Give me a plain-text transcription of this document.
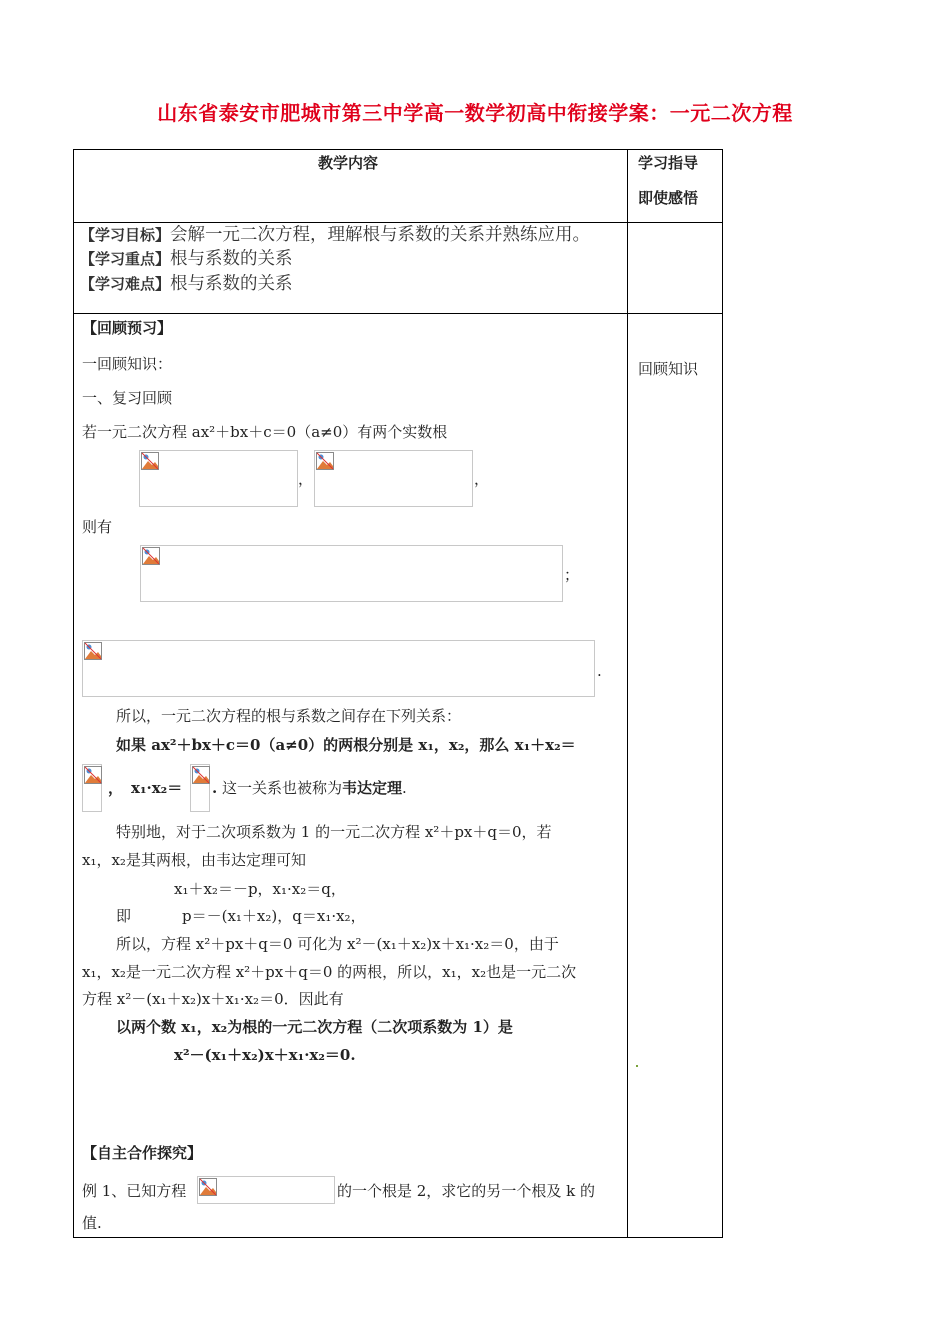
山东省泰安市肥城市第三中学高一数学初高中衔接学案：一元二次方程
教学内容	学习指导
即使感悟
【学习目标】会解一元二次方程，理解根与系数的关系并熟练应用。
【学习重点】根与系数的关系
【学习难点】根与系数的关系
【回顾预习】
一回顾知识：
一、复习回顾
若一元二次方程 ax²＋bx＋c＝0（a≠0）有两个实数根
回顾知识
，	，
则有
；
.
所以，一元二次方程的根与系数之间存在下列关系：
如果 ax²＋bx＋c＝0（a≠0）的两根分别是 x₁，x₂，那么 x₁＋x₂＝
， x₁·x₂＝ . 这一关系也被称为韦达定理.
特别地，对于二次项系数为 1 的一元二次方程 x²＋px＋q＝0，若
x₁，x₂是其两根，由韦达定理可知
x₁＋x₂＝－p，x₁·x₂＝q，
即	p＝－(x₁＋x₂)，q＝x₁·x₂，
所以，方程 x²＋px＋q＝0 可化为 x²－(x₁＋x₂)x＋x₁·x₂＝0，由于
x₁，x₂是一元二次方程 x²＋px＋q＝0 的两根，所以，x₁，x₂也是一元二次
方程 x²－(x₁＋x₂)x＋x₁·x₂＝0．因此有
以两个数 x₁，x₂为根的一元二次方程（二次项系数为 1）是
x²－(x₁＋x₂)x＋x₁·x₂＝0.
【自主合作探究】
例 1、已知方程	的一个根是 2，求它的另一个根及 k 的
值.
